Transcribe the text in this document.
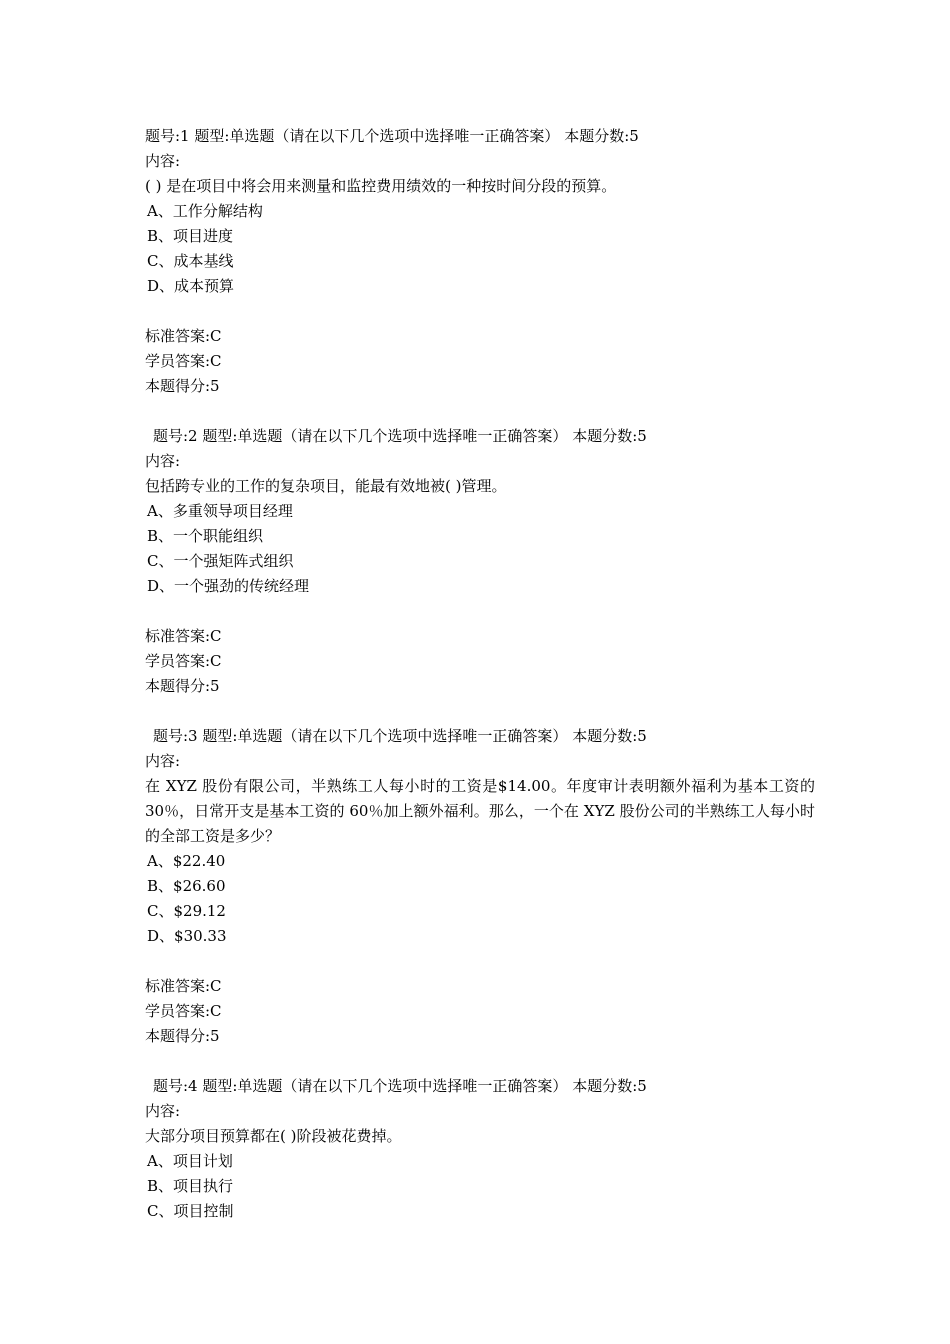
题号:1 题型:单选题（请在以下几个选项中选择唯一正确答案） 本题分数:5
内容:
( ) 是在项目中将会用来测量和监控费用绩效的一种按时间分段的预算。
A、工作分解结构
B、项目进度
C、成本基线
D、成本预算
标准答案:C
学员答案:C
本题得分:5
题号:2 题型:单选题（请在以下几个选项中选择唯一正确答案） 本题分数:5
内容:
包括跨专业的工作的复杂项目，能最有效地被( )管理。
A、多重领导项目经理
B、一个职能组织
C、一个强矩阵式组织
D、一个强劲的传统经理
标准答案:C
学员答案:C
本题得分:5
题号:3 题型:单选题（请在以下几个选项中选择唯一正确答案） 本题分数:5
内容:
在 XYZ 股份有限公司，半熟练工人每小时的工资是$14.00。年度审计表明额外福利为基本工资的 30％，日常开支是基本工资的 60％加上额外福利。那么，一个在 XYZ 股份公司的半熟练工人每小时的全部工资是多少？
A、$22.40
B、$26.60
C、$29.12
D、$30.33
标准答案:C
学员答案:C
本题得分:5
题号:4 题型:单选题（请在以下几个选项中选择唯一正确答案） 本题分数:5
内容:
大部分项目预算都在( )阶段被花费掉。
A、项目计划
B、项目执行
C、项目控制
